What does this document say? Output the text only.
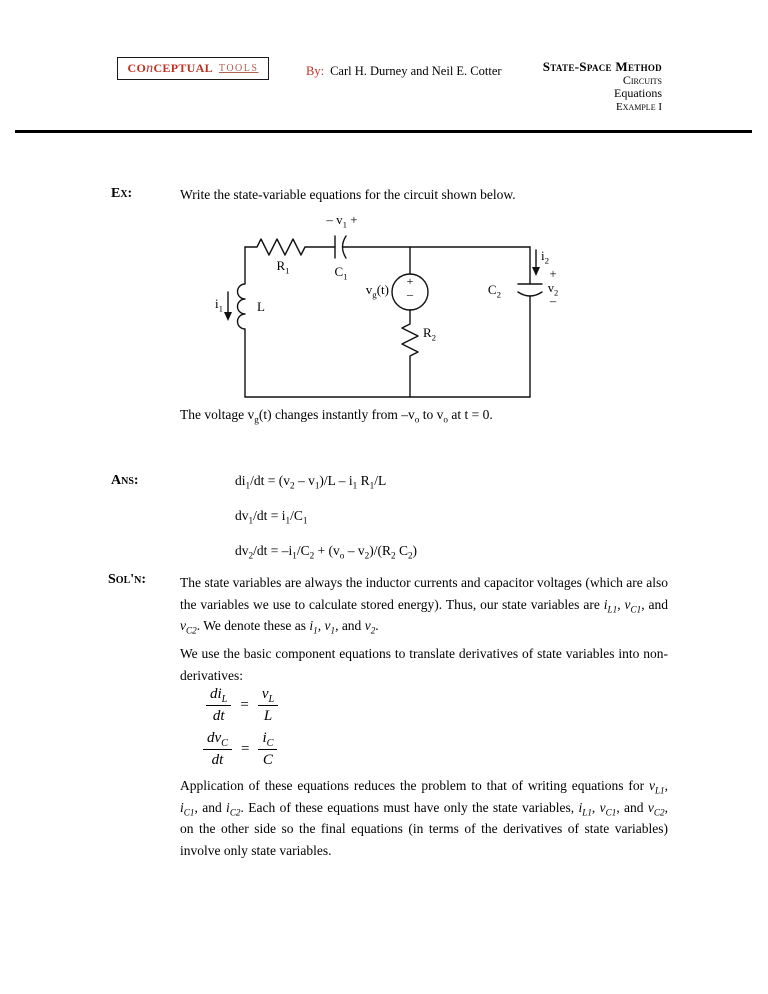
COnCEPTUAL TOOLS	By: Carl H. Durney and Neil E. Cotter	State-Space Method
Circuits
Equations
Example I
Ex:	Write the state-variable equations for the circuit shown below.
– $v_1$ +
$R_1$	$C_1$
$i_1$	L
$v_g(t)$
+
–
$R_2$
$C_2$
$i_2$
+
$v_2$
–
The voltage $v_g(t)$ changes instantly from $-v_o$ to $v_o$ at t = 0.
Ans:	$di_1/dt = (v_2 - v_1)/L - i_1$ $R_1/L$
$dv_1/dt = i_1/C_1$
$dv_2/dt = -i_1/C_2 + (v_o - v_2)/(R_2$ $C_2$)
Sol'n:	The state variables are always the inductor currents and capacitor voltages (which are also the variables we use to calculate stored energy). Thus, our state variables are $i_{L1}$, $v_{C1}$, and $v_{C2}$. We denote these as $i_1$, $v_1$, and $v_2$.
We use the basic component equations to translate derivatives of state variables into non-derivatives:
$\frac{di_L}{dt} = \frac{v_L}{L}$
$\frac{dv_C}{dt} = \frac{i_C}{C}$
Application of these equations reduces the problem to that of writing equations for $v_{L1}$, $i_{C1}$, and $i_{C2}$. Each of these equations must have only the state variables, $i_{L1}$, $v_{C1}$, and $v_{C2}$, on the other side so the final equations (in terms of the derivatives of state variables) involve only state variables.
